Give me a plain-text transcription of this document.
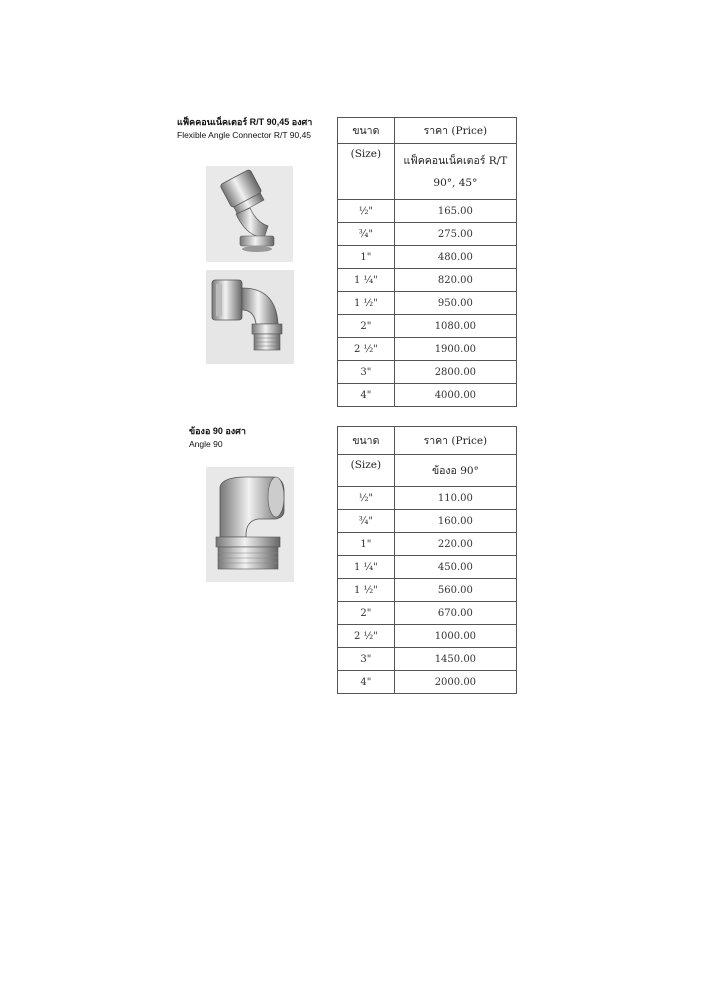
แฟ็คคอนเน็คเตอร์ R/T 90,45 องศา
Flexible Angle Connector R/T 90,45	ขนาด	ราคา (Price)
(Size)	แฟ็คคอนเน็คเตอร์ R/T
90°, 45°

½"	165.00
¾"	275.00
1"	480.00
1 ¼"	820.00
1 ½"	950.00
2"	1080.00
2 ½"	1900.00
3"	2800.00
4"	4000.00
ข้องอ 90 องศา
Angle 90	ขนาด	ราคา (Price)
(Size)	ข้องอ 90°
½"	110.00
¾"	160.00
1"	220.00
1 ¼"	450.00
1 ½"	560.00
2"	670.00
2 ½"	1000.00
3"	1450.00
4"	2000.00
